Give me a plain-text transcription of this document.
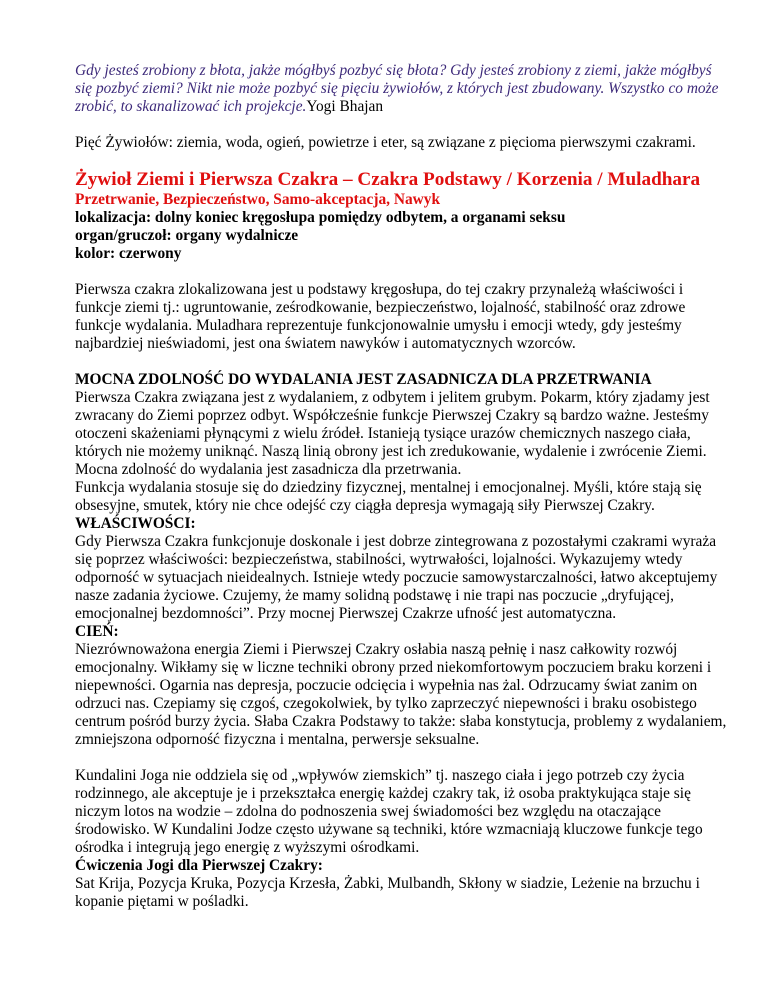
Gdy jesteś zrobiony z błota, jakże mógłbyś pozbyć się błota? Gdy jesteś zrobiony z ziemi, jakże mógłbyś się pozbyć ziemi? Nikt nie może pozbyć się pięciu żywiołów, z których jest zbudowany. Wszystko co może zrobić, to skanalizować ich projekcje.Yogi Bhajan

Pięć Żywiołów: ziemia, woda, ogień, powietrze i eter, są związane z pięcioma pierwszymi czakrami.

Żywioł Ziemi i Pierwsza Czakra – Czakra Podstawy / Korzenia / Muladhara

Przetrwanie, Bezpieczeństwo, Samo-akceptacja, Nawyk

lokalizacja: dolny koniec kręgosłupa pomiędzy odbytem, a organami seksu

organ/gruczoł: organy wydalnicze

kolor: czerwony

Pierwsza czakra zlokalizowana jest u podstawy kręgosłupa, do tej czakry przynależą właściwości i funkcje ziemi tj.: ugruntowanie, ześrodkowanie, bezpieczeństwo, lojalność, stabilność oraz zdrowe funkcje wydalania. Muladhara reprezentuje funkcjonowalnie umysłu i emocji wtedy, gdy jesteśmy najbardziej nieświadomi, jest ona światem nawyków i automatycznych wzorców.

MOCNA ZDOLNOŚĆ DO WYDALANIA JEST ZASADNICZA DLA PRZETRWANIA

Pierwsza Czakra związana jest z wydalaniem, z odbytem i jelitem grubym. Pokarm, który zjadamy jest zwracany do Ziemi poprzez odbyt. Współcześnie funkcje Pierwszej Czakry są bardzo ważne. Jesteśmy otoczeni skażeniami płynącymi z wielu źródeł. Istanieją tysiące urazów chemicznych naszego ciała, których nie możemy uniknąć. Naszą linią obrony jest ich zredukowanie, wydalenie i zwrócenie Ziemi. Mocna zdolność do wydalania jest zasadnicza dla przetrwania.

Funkcja wydalania stosuje się do dziedziny fizycznej, mentalnej i emocjonalnej. Myśli, które stają się obsesyjne, smutek, który nie chce odejść czy ciągła depresja wymagają siły Pierwszej Czakry.

WŁAŚCIWOŚCI:

Gdy Pierwsza Czakra funkcjonuje doskonale i jest dobrze zintegrowana z pozostałymi czakrami wyraża się poprzez właściwości: bezpieczeństwa, stabilności, wytrwałości, lojalności. Wykazujemy wtedy odporność w sytuacjach nieidealnych. Istnieje wtedy poczucie samowystarczalności, łatwo akceptujemy nasze zadania życiowe. Czujemy, że mamy solidną podstawę i nie trapi nas poczucie „dryfującej, emocjonalnej bezdomności”. Przy mocnej Pierwszej Czakrze ufność jest automatyczna.

CIEŃ:

Niezrównoważona energia Ziemi i Pierwszej Czakry osłabia naszą pełnię i nasz całkowity rozwój emocjonalny. Wikłamy się w liczne techniki obrony przed niekomfortowym poczuciem braku korzeni i niepewności. Ogarnia nas depresja, poczucie odcięcia i wypełnia nas żal. Odrzucamy świat zanim on odrzuci nas. Czepiamy się czgoś, czegokolwiek, by tylko zaprzeczyć niepewności i braku osobistego centrum pośród burzy życia. Słaba Czakra Podstawy to także: słaba konstytucja, problemy z wydalaniem, zmniejszona odporność fizyczna i mentalna, perwersje seksualne.

Kundalini Joga nie oddziela się od „wpływów ziemskich” tj. naszego ciała i jego potrzeb czy życia rodzinnego, ale akceptuje je i przekształca energię każdej czakry tak, iż osoba praktykująca staje się niczym lotos na wodzie – zdolna do podnoszenia swej świadomości bez względu na otaczające środowisko. W Kundalini Jodze często używane są techniki, które wzmacniają kluczowe funkcje tego ośrodka i integrują jego energię z wyższymi ośrodkami.

Ćwiczenia Jogi dla Pierwszej Czakry:

Sat Krija, Pozycja Kruka, Pozycja Krzesła, Żabki, Mulbandh, Skłony w siadzie, Leżenie na brzuchu i kopanie piętami w pośladki.
